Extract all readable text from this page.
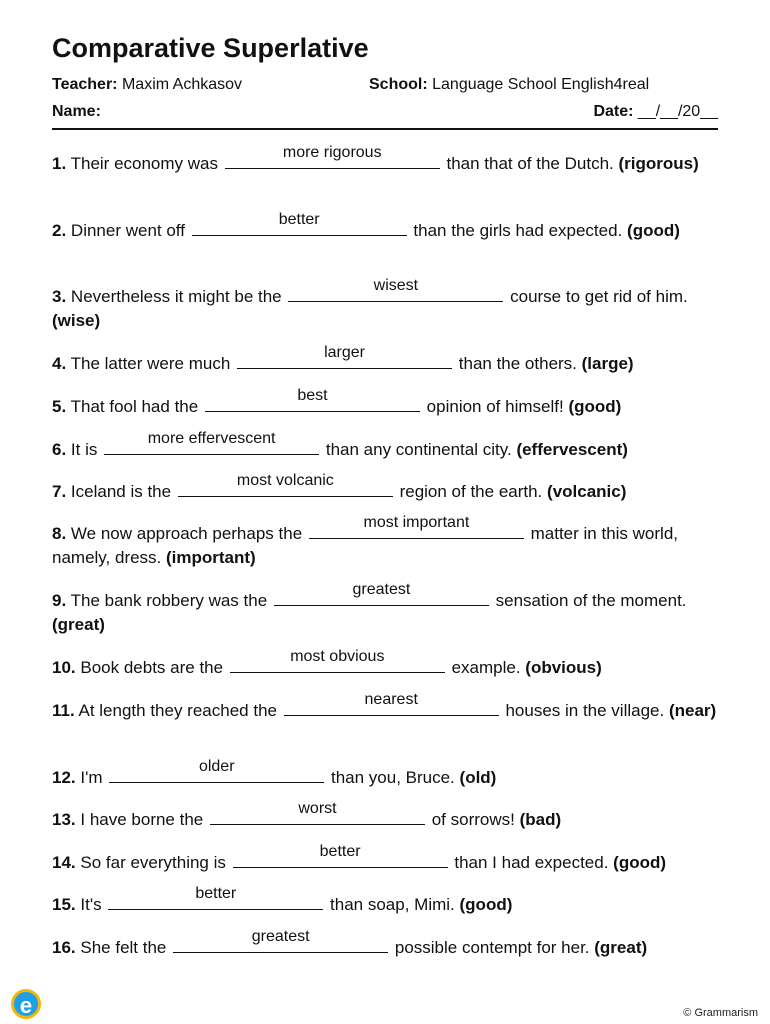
Comparative Superlative
Teacher: Maxim Achkasov	School: Language School English4real
Name:	Date: __/__/20__
1. Their economy was
more rigorous
than that of the Dutch. (rigorous)
2. Dinner went off
better
than the girls had expected. (good)
3. Nevertheless it might be the
wisest
course to get rid of him. (wise)
4. The latter were much
larger
than the others. (large)
5. That fool had the
best
opinion of himself! (good)
6. It is
more effervescent
than any continental city. (effervescent)
7. Iceland is the
most volcanic
region of the earth. (volcanic)
8. We now approach perhaps the
most important
matter in this world, namely, dress. (important)
9. The bank robbery was the
greatest
sensation of the moment. (great)
10. Book debts are the
most obvious
example. (obvious)
11. At length they reached the
nearest
houses in the village. (near)
12. I'm
older
than you, Bruce. (old)
13. I have borne the
worst
of sorrows! (bad)
14. So far everything is
better
than I had expected. (good)
15. It's
better
than soap, Mimi. (good)
16. She felt the
greatest
possible contempt for her. (great)
e	© Grammarism
